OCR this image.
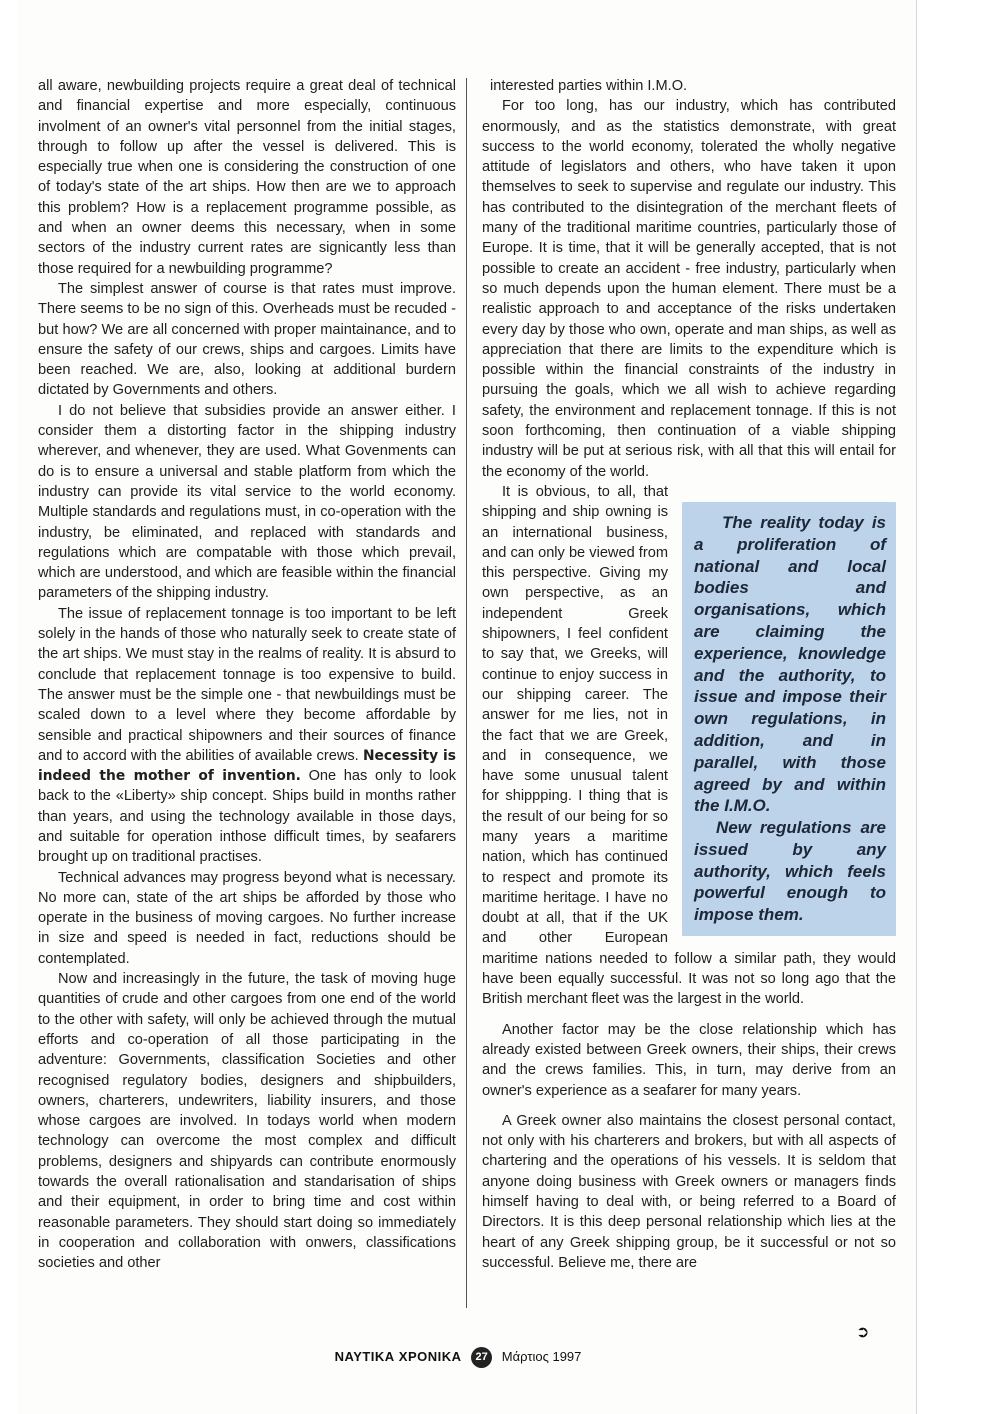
all aware, newbuilding projects require a great deal of technical and financial expertise and more especially, continuous involment of an owner's vital personnel from the initial stages, through to follow up after the vessel is delivered. This is especially true when one is considering the construction of one of today's state of the art ships. How then are we to approach this problem? How is a replacement programme possible, as and when an owner deems this necessary, when in some sectors of the industry current rates are signicantly less than those required for a newbuilding programme?

The simplest answer of course is that rates must improve. There seems to be no sign of this. Overheads must be recuded - but how? We are all concerned with proper maintainance, and to ensure the safety of our crews, ships and cargoes. Limits have been reached. We are, also, looking at additional burdern dictated by Governments and others.

I do not believe that subsidies provide an answer either. I consider them a distorting factor in the shipping industry wherever, and whenever, they are used. What Govenments can do is to ensure a universal and stable platform from which the industry can provide its vital service to the world economy. Multiple standards and regulations must, in co-operation with the industry, be eliminated, and replaced with standards and regulations which are compatable with those which prevail, which are understood, and which are feasible within the financial parameters of the shipping industry.

The issue of replacement tonnage is too important to be left solely in the hands of those who naturally seek to create state of the art ships. We must stay in the realms of reality. It is absurd to conclude that replacement tonnage is too expensive to build. The answer must be the simple one - that newbuildings must be scaled down to a level where they become affordable by sensible and practical shipowners and their sources of finance and to accord with the abilities of available crews. Necessity is indeed the mother of invention. One has only to look back to the «Liberty» ship concept. Ships build in months rather than years, and using the technology available in those days, and suitable for operation inthose difficult times, by seafarers brought up on traditional practises.

Technical advances may progress beyond what is necessary. No more can, state of the art ships be afforded by those who operate in the business of moving cargoes. No further increase in size and speed is needed in fact, reductions should be contemplated.

Now and increasingly in the future, the task of moving huge quantities of crude and other cargoes from one end of the world to the other with safety, will only be achieved through the mutual efforts and co-operation of all those participating in the adventure: Governments, classification Societies and other recognised regulatory bodies, designers and shipbuilders, owners, charterers, undewriters, liability insurers, and those whose cargoes are involved. In todays world when modern technology can overcome the most complex and difficult problems, designers and shipyards can contribute enormously towards the overall rationalisation and standarisation of ships and their equipment, in order to bring time and cost within reasonable parameters. They should start doing so immediately in cooperation and collaboration with onwers, classifications societies and other

interested parties within I.M.O.

For too long, has our industry, which has contributed enormously, and as the statistics demonstrate, with great success to the world economy, tolerated the wholly negative attitude of legislators and others, who have taken it upon themselves to seek to supervise and regulate our industry. This has contributed to the disintegration of the merchant fleets of many of the traditional maritime countries, particularly those of Europe. It is time, that it will be generally accepted, that is not possible to create an accident - free industry, particularly when so much depends upon the human element. There must be a realistic approach to and acceptance of the risks undertaken every day by those who own, operate and man ships, as well as appreciation that there are limits to the expenditure which is possible within the financial constraints of the industry in pursuing the goals, which we all wish to achieve regarding safety, the environment and replacement tonnage. If this is not soon forthcoming, then continuation of a viable shipping industry will be put at serious risk, with all that this will entail for the economy of the world.

The reality today is a proliferation of national and local bodies and organisations, which are claiming the experience, knowledge and the authority, to issue and impose their own regulations, in addition, and in parallel, with those agreed by and within the I.M.O.
New regulations are issued by any authority, which feels powerful enough to impose them.

It is obvious, to all, that shipping and ship owning is an international business, and can only be viewed from this perspective. Giving my own perspective, as an independent Greek shipowners, I feel confident to say that, we Greeks, will continue to enjoy success in our shipping career. The answer for me lies, not in the fact that we are Greek, and in consequence, we have some unusual talent for shippping. I thing that is the result of our being for so many years a maritime nation, which has continued to respect and promote its maritime heritage. I have no doubt at all, that if the UK and other European maritime nations needed to follow a similar path, they would have been equally successful. It was not so long ago that the British merchant fleet was the largest in the world.

Another factor may be the close relationship which has already existed between Greek owners, their ships, their crews and the crews families. This, in turn, may derive from an owner's experience as a seafarer for many years.

A Greek owner also maintains the closest personal contact, not only with his charterers and brokers, but with all aspects of chartering and the operations of his vessels. It is seldom that anyone doing business with Greek owners or managers finds himself having to deal with, or being referred to a Board of Directors. It is this deep personal relationship which lies at the heart of any Greek shipping group, be it successful or not so successful. Believe me, there are

➲
ΝΑΥΤΙΚΑ ΧΡΟΝΙΚΑ 27 Μάρτιος 1997
